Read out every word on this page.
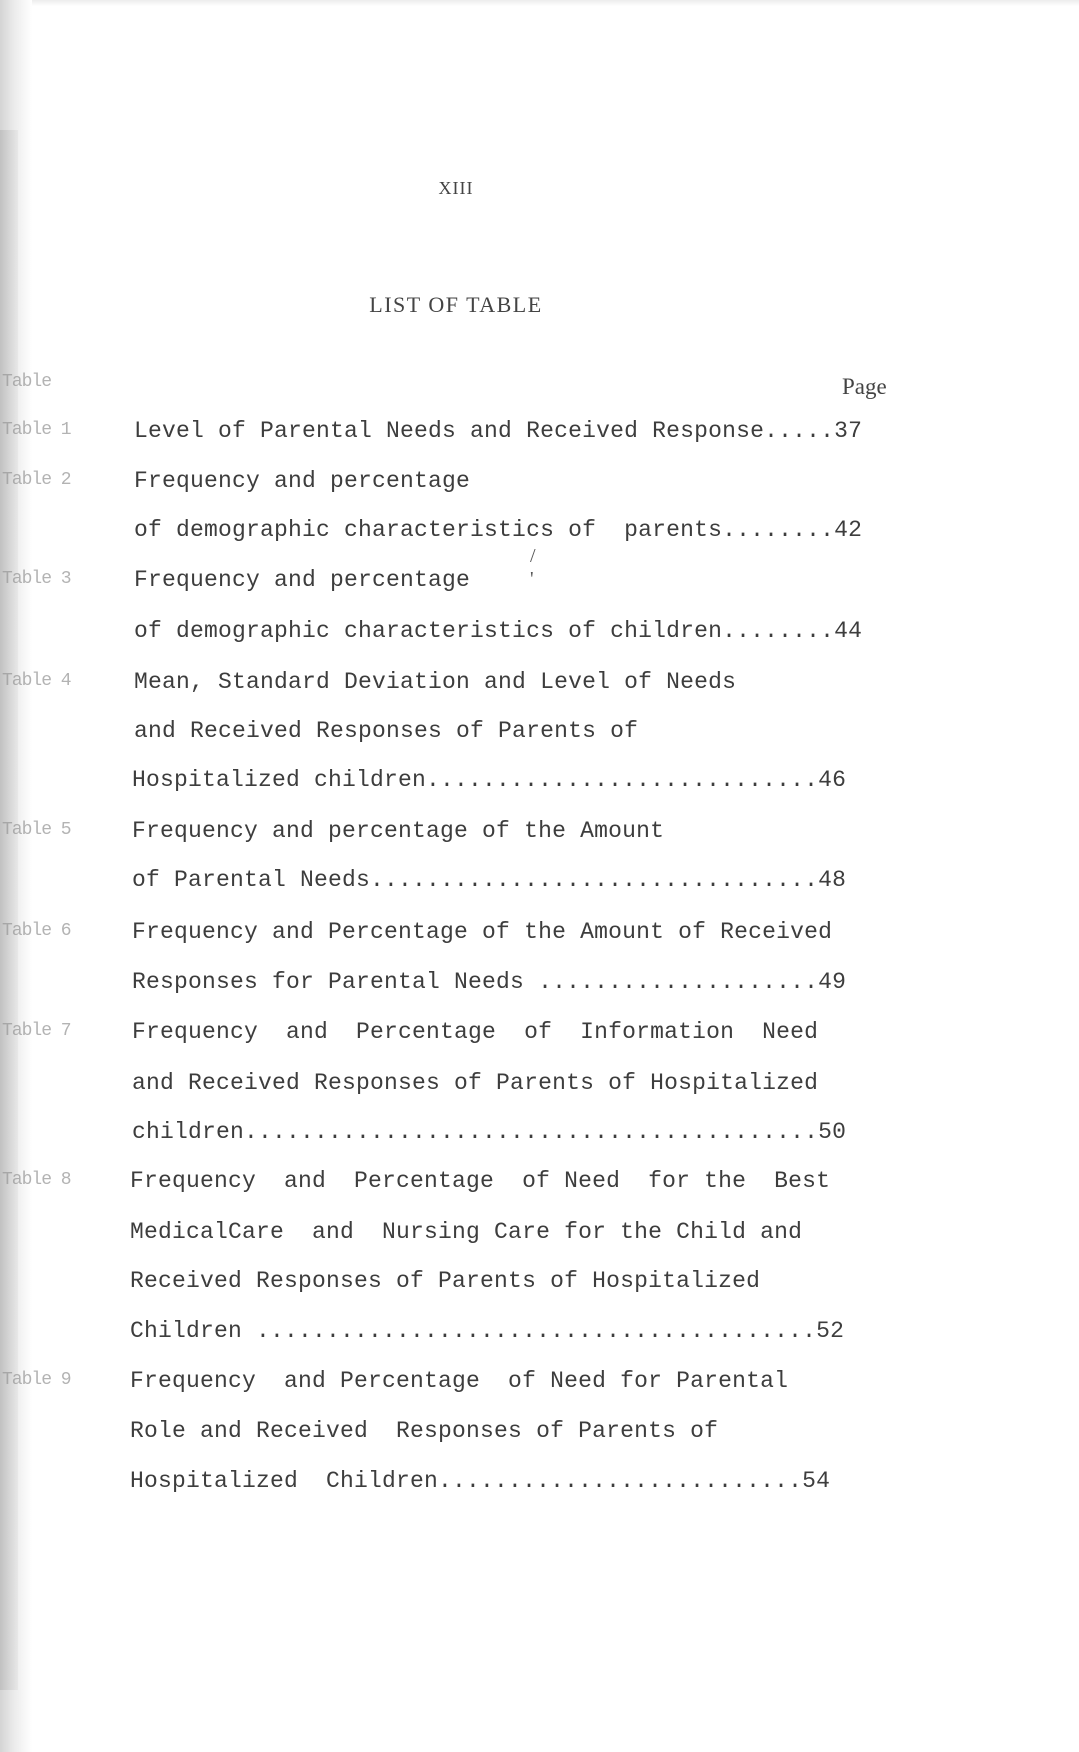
XIII
LIST OF TABLE
Table	Page
Table 1	Level of Parental Needs and Received Response.....37
Table 2	Frequency and percentage
of demographic characteristics of  parents........42
/
'
Table 3	Frequency and percentage
of demographic characteristics of children........44
Table 4	Mean, Standard Deviation and Level of Needs
and Received Responses of Parents of
Hospitalized children............................46
Table 5	Frequency and percentage of the Amount
of Parental Needs................................48
Table 6	Frequency and Percentage of the Amount of Received
Responses for Parental Needs ....................49
Table 7	Frequency  and  Percentage  of  Information  Need
and Received Responses of Parents of Hospitalized
children.........................................50
Table 8	Frequency  and  Percentage  of Need  for the  Best
MedicalCare  and  Nursing Care for the Child and
Received Responses of Parents of Hospitalized
Children ........................................52
Table 9	Frequency  and Percentage  of Need for Parental
Role and Received  Responses of Parents of
Hospitalized  Children..........................54
